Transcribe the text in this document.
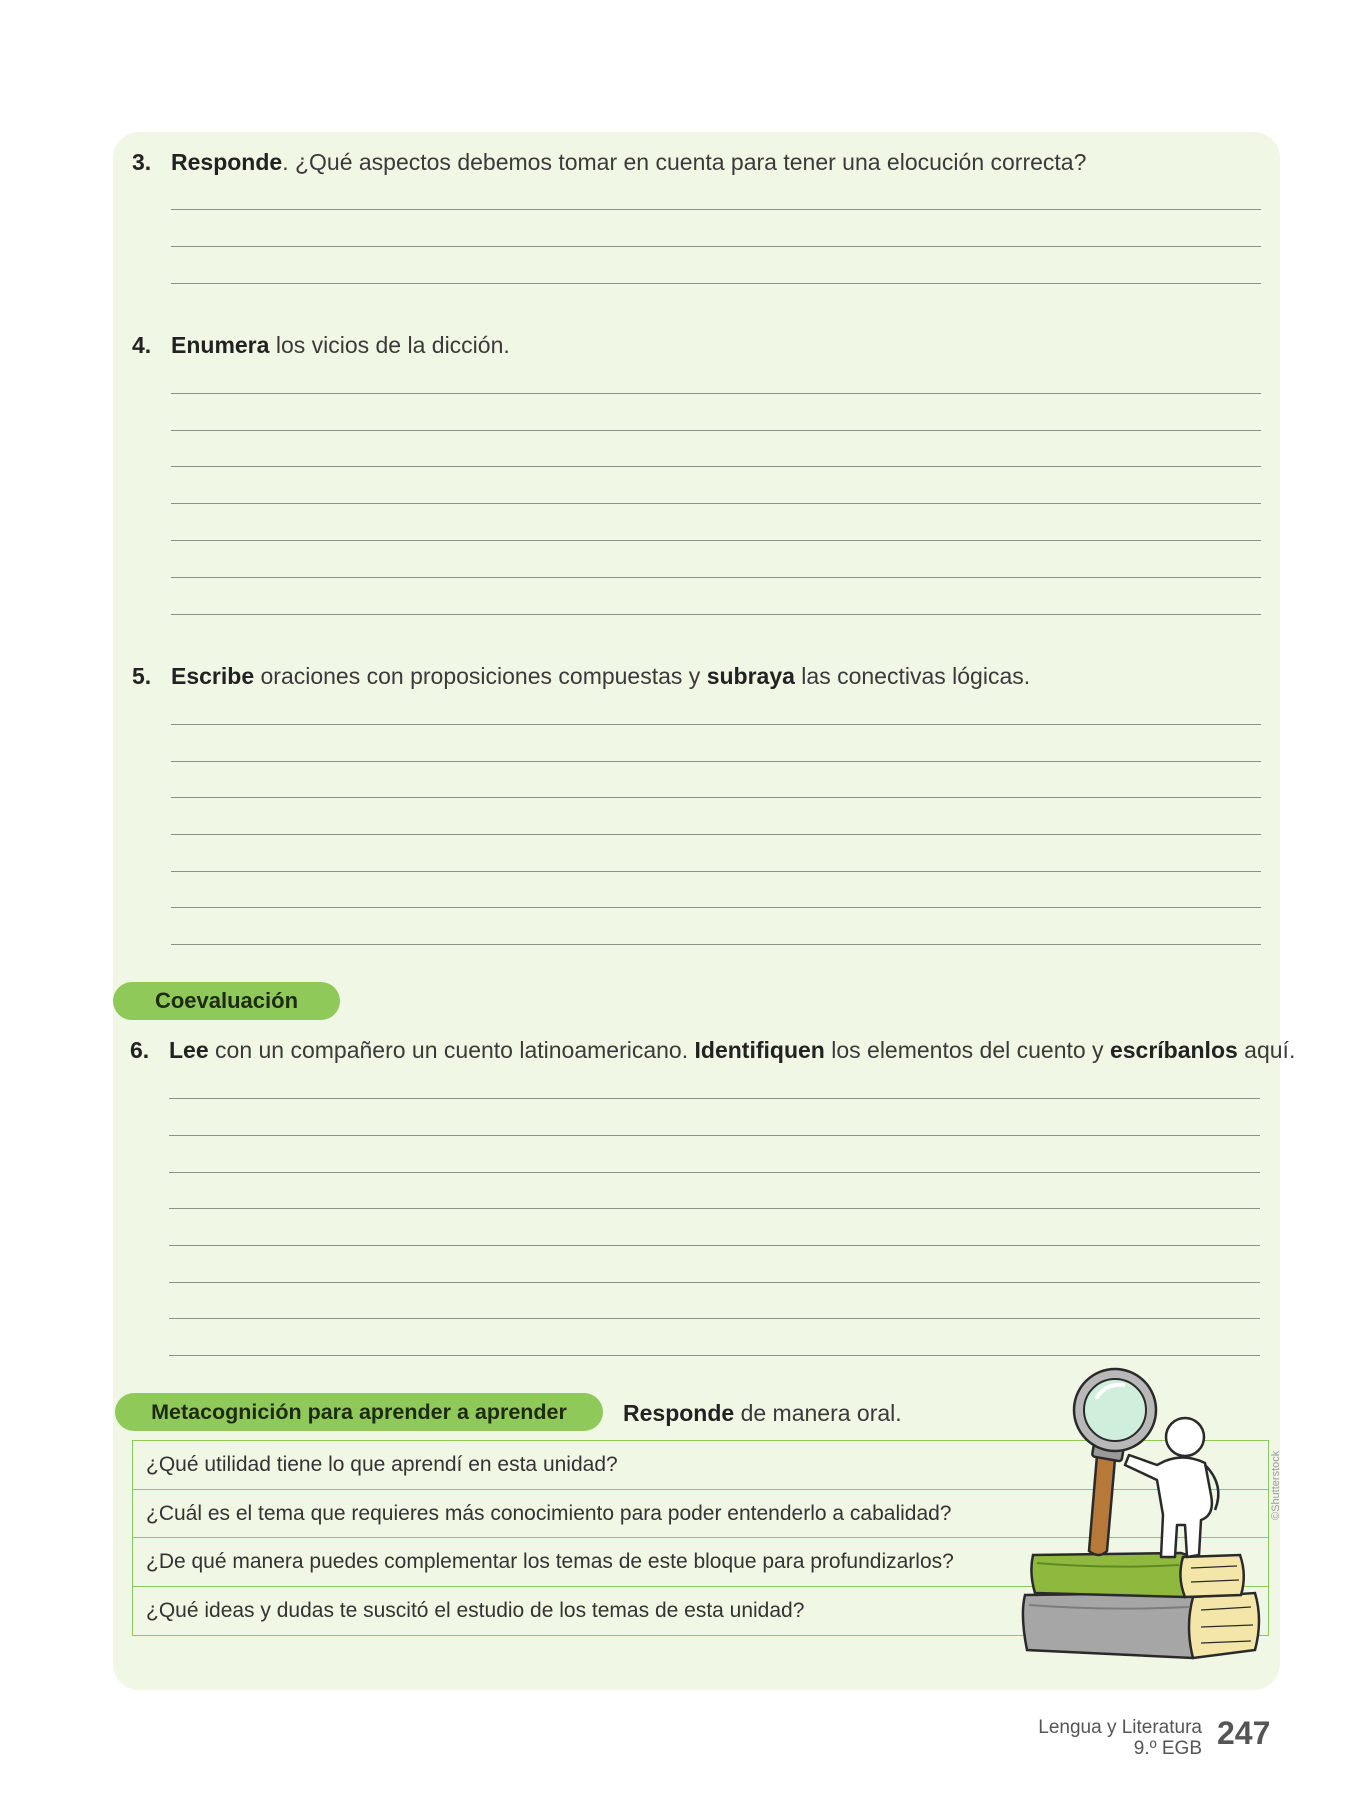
3. Responde. ¿Qué aspectos debemos tomar en cuenta para tener una elocución correcta?
4. Enumera los vicios de la dicción.
5. Escribe oraciones con proposiciones compuestas y subraya las conectivas lógicas.
Coevaluación
6. Lee con un compañero un cuento latinoamericano. Identifiquen los elementos del cuento y escríbanlos aquí.
Metacognición para aprender a aprender	Responde de manera oral.
¿Qué utilidad tiene lo que aprendí en esta unidad?
¿Cuál es el tema que requieres más conocimiento para poder entenderlo a cabalidad?
¿De qué manera puedes complementar los temas de este bloque para profundizarlos?
¿Qué ideas y dudas te suscitó el estudio de los temas de esta unidad?
©Shutterstock
Lengua y Literatura
9.º EGB 247
